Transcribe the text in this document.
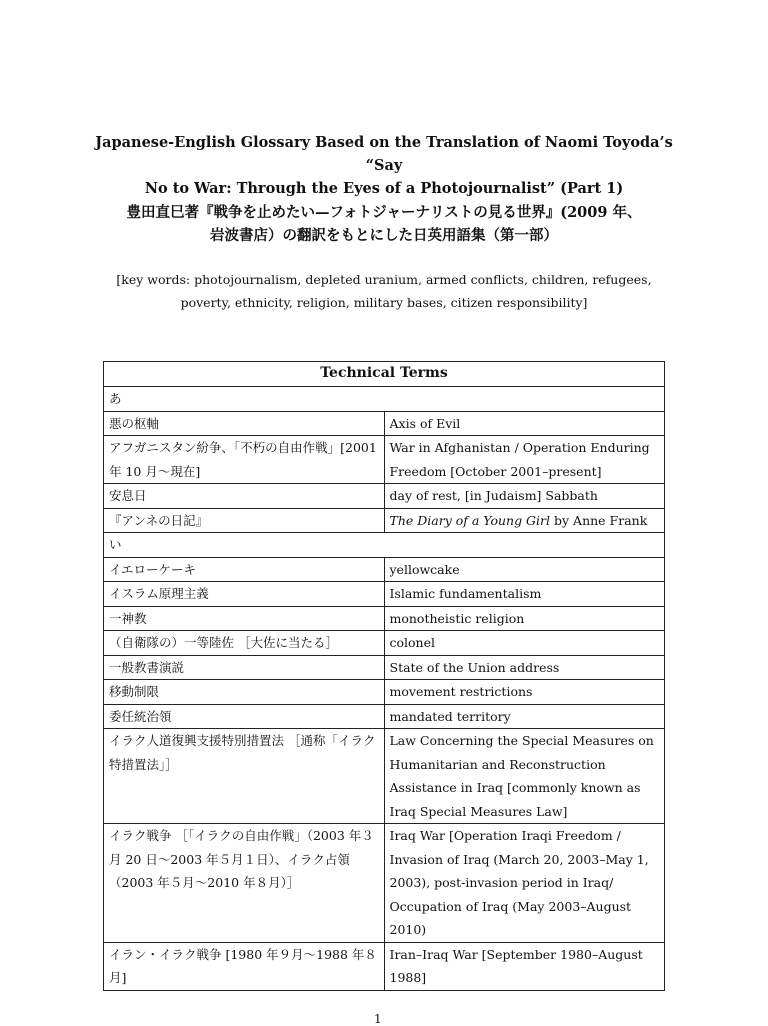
Japanese-English Glossary Based on the Translation of Naomi Toyoda’s “Say
No to War: Through the Eyes of a Photojournalist” (Part 1)
豊田直巳著『戦争を止めたい—フォトジャーナリストの見る世界』(2009 年、
岩波書店）の翻訳をもとにした日英用語集（第一部）
[key words: photojournalism, depleted uranium, armed conflicts, children, refugees,
poverty, ethnicity, religion, military bases, citizen responsibility]
Technical Terms	
あ	
悪の枢軸	Axis of Evil
アフガニスタン紛争、「不朽の自由作戦」[2001 年 10 月～現在]	War in Afghanistan / Operation Enduring Freedom [October 2001–present]
安息日	day of rest, [in Judaism] Sabbath
『アンネの日記』	The Diary of a Young Girl by Anne Frank
い	
イエローケーキ	yellowcake
イスラム原理主義	Islamic fundamentalism
一神教	monotheistic religion
（自衛隊の）一等陸佐 ［大佐に当たる］	colonel
一般教書演説	State of the Union address
移動制限	movement restrictions
委任統治領	mandated territory
イラク人道復興支援特別措置法 ［通称「イラク特措置法」］	Law Concerning the Special Measures on Humanitarian and Reconstruction Assistance in Iraq [commonly known as Iraq Special Measures Law]
イラク戦争 ［「イラクの自由作戦」（2003 年３月 20 日～2003 年５月１日）、イラク占領（2003 年５月～2010 年８月）］	Iraq War [Operation Iraqi Freedom / Invasion of Iraq (March 20, 2003–May 1, 2003), post-invasion period in Iraq/ Occupation of Iraq (May 2003–August 2010)
イラン・イラク戦争 [1980 年９月～1988 年８月]	Iran–Iraq War [September 1980–August 1988]
1
